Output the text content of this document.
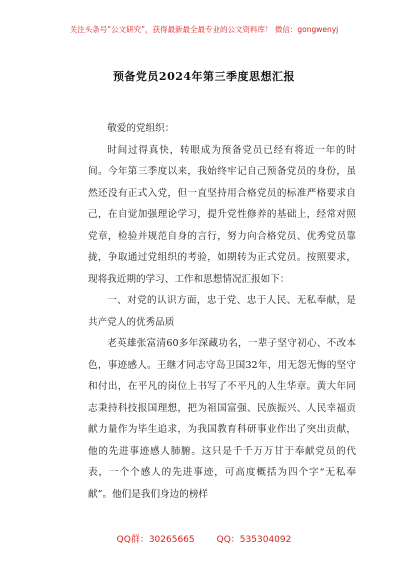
关注头条号“公文研究”，获得最新最全最专业的公文资料库！ 微信：gongwenyj
预备党员2024年第三季度思想汇报

敬爱的党组织：

时间过得真快，转眼成为预备党员已经有将近一年的时间。今年第三季度以来，我始终牢记自己预备党员的身份，虽然还没有正式入党，但一直坚持用合格党员的标准严格要求自己，在自觉加强理论学习，提升党性修养的基础上，经常对照党章，检验并规范自身的言行，努力向合格党员、优秀党员靠拢，争取通过党组织的考验，如期转为正式党员。按照要求，现将我近期的学习、工作和思想情况汇报如下：

一、对党的认识方面，忠于党、忠于人民、无私奉献，是共产党人的优秀品质

老英雄张富清60多年深藏功名，一辈子坚守初心、不改本色，事迹感人。王继才同志守岛卫国32年，用无怨无悔的坚守和付出，在平凡的岗位上书写了不平凡的人生华章。黄大年同志秉持科技报国理想，把为祖国富强、民族振兴、人民幸福贡献力量作为毕生追求，为我国教育科研事业作出了突出贡献，他的先进事迹感人肺腑。这只是千千万万甘于奉献党员的代表，一个个感人的先进事迹，可高度概括为四个字“无私奉献”。他们是我们身边的榜样

QQ群：30265665 QQ：535304092
